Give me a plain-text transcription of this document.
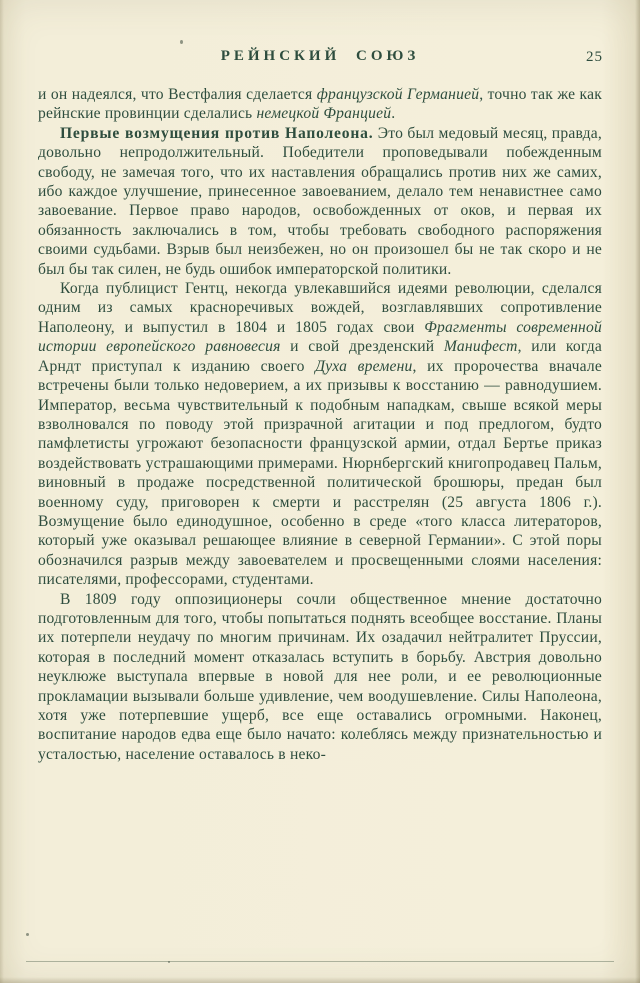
РЕЙНСКИЙ СОЮЗ	25

и он надеялся, что Вестфалия сделается французской Германией, точно так же как рейнские провинции сделались немецкой Францией.

Первые возмущения против Наполеона. Это был медовый месяц, правда, довольно непродолжительный. Победители проповедывали побежденным свободу, не замечая того, что их наставления обращались против них же самих, ибо каждое улучшение, принесенное завоеванием, делало тем ненавистнее само завоевание. Первое право народов, освобожденных от оков, и первая их обязанность заключались в том, чтобы требовать свободного распоряжения своими судьбами. Взрыв был неизбежен, но он произошел бы не так скоро и не был бы так силен, не будь ошибок императорской политики.

Когда публицист Гентц, некогда увлекавшийся идеями революции, сделался одним из самых красноречивых вождей, возглавлявших сопротивление Наполеону, и выпустил в 1804 и 1805 годах свои Фрагменты современной истории европейского равновесия и свой дрезденский Манифест, или когда Арндт приступал к изданию своего Духа времени, их пророчества вначале встречены были только недоверием, а их призывы к восстанию — равнодушием. Император, весьма чувствительный к подобным нападкам, свыше всякой меры взволновался по поводу этой призрачной агитации и под предлогом, будто памфлетисты угрожают безопасности французской армии, отдал Бертье приказ воздействовать устрашающими примерами. Нюрнбергский книгопродавец Пальм, виновный в продаже посредственной политической брошюры, предан был военному суду, приговорен к смерти и расстрелян (25 августа 1806 г.). Возмущение было единодушное, особенно в среде «того класса литераторов, который уже оказывал решающее влияние в северной Германии». С этой поры обозначился разрыв между завоевателем и просвещенными слоями населения: писателями, профессорами, студентами.

В 1809 году оппозиционеры сочли общественное мнение достаточно подготовленным для того, чтобы попытаться поднять всеобщее восстание. Планы их потерпели неудачу по многим причинам. Их озадачил нейтралитет Пруссии, которая в последний момент отказалась вступить в борьбу. Австрия довольно неуклюже выступала впервые в новой для нее роли, и ее революционные прокламации вызывали больше удивление, чем воодушевление. Силы Наполеона, хотя уже потерпевшие ущерб, все еще оставались огромными. Наконец, воспитание народов едва еще было начато: колеблясь между признательностью и усталостью, население оставалось в неко-
